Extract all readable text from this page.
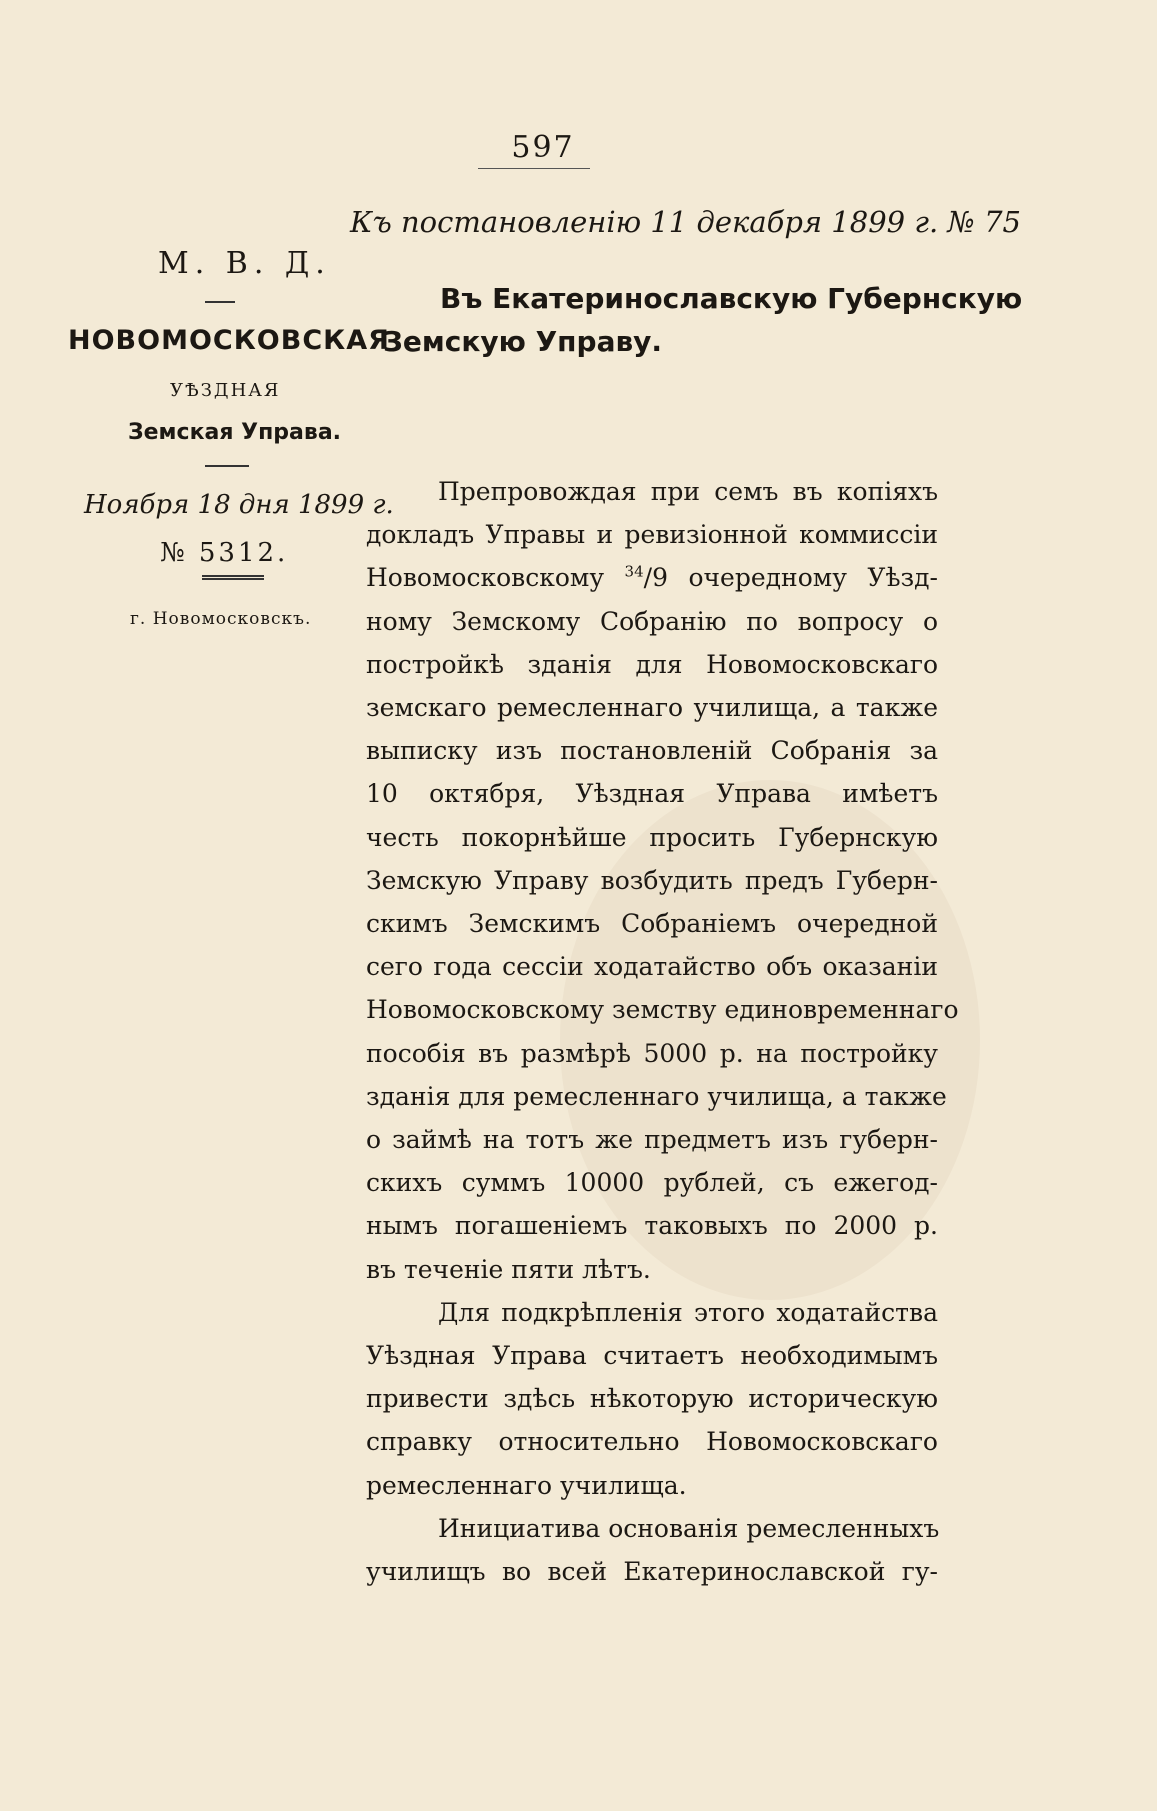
597
Къ постановленію 11 декабря 1899 г. № 75
М. В. Д.
Въ Екатеринославскую Губернскую
НОВОМОСКОВСКАЯ
Земскую Управу.
УѢЗДНАЯ
Земская Управа.
Ноября 18 дня 1899 г.
№ 5312.
г. Новомосковскъ.
Препровождая при семъ въ копіяхъ
докладъ Управы и ревизіонной коммиссіи
Новомосковскому $^{34}$/9 очередному Уѣзд-
ному Земскому Собранію по вопросу о
постройкѣ зданія для Новомосковскаго
земскаго ремесленнаго училища, а также
выписку изъ постановленій Собранія за
10 октября, Уѣздная Управа имѣетъ
честь покорнѣйше просить Губернскую
Земскую Управу возбудить предъ Губерн-
скимъ Земскимъ Собраніемъ очередной
сего года сессіи ходатайство объ оказаніи
Новомосковскому земству единовременнаго
пособія въ размѣрѣ 5000 р. на постройку
зданія для ремесленнаго училища, а также
о займѣ на тотъ же предметъ изъ губерн-
скихъ суммъ 10000 рублей, съ ежегод-
нымъ погашеніемъ таковыхъ по 2000 р.
въ теченіе пяти лѣтъ.
Для подкрѣпленія этого ходатайства
Уѣздная Управа считаетъ необходимымъ
привести здѣсь нѣкоторую историческую
справку относительно Новомосковскаго
ремесленнаго училища.
Инициатива основанія ремесленныхъ
училищъ во всей Екатеринославской гу-
